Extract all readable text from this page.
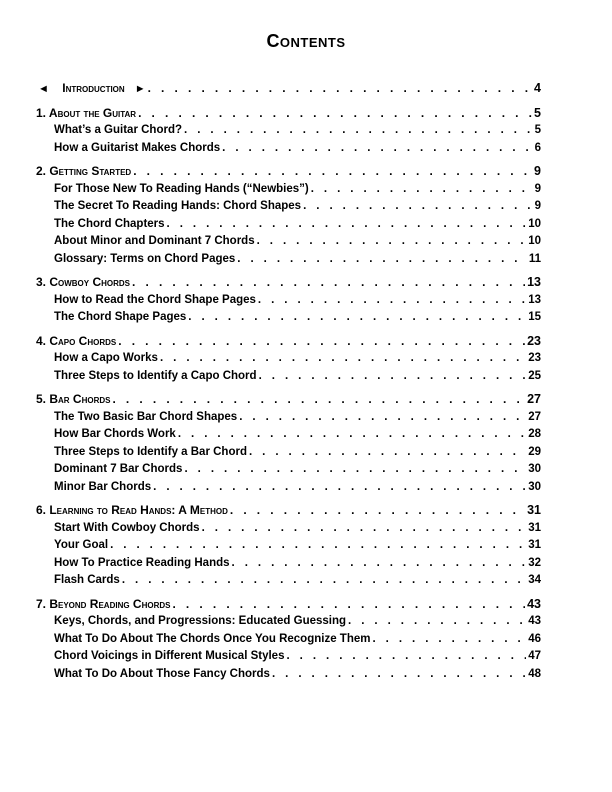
Contents
◄ Introduction ► . . .	4
1. About the Guitar . . .	5
What’s a Guitar Chord? . . .	5
How a Guitarist Makes Chords . . .	6
2. Getting Started . . .	9
For Those New To Reading Hands (“Newbies”) . . .	9
The Secret To Reading Hands: Chord Shapes . . .	9
The Chord Chapters . . .	10
About Minor and Dominant 7 Chords . . .	10
Glossary: Terms on Chord Pages . . .	11
3. Cowboy Chords . . .	13
How to Read the Chord Shape Pages . . .	13
The Chord Shape Pages . . .	15
4. Capo Chords . . .	23
How a Capo Works . . .	23
Three Steps to Identify a Capo Chord . . .	25
5. Bar Chords . . .	27
The Two Basic Bar Chord Shapes . . .	27
How Bar Chords Work . . .	28
Three Steps to Identify a Bar Chord . . .	29
Dominant 7 Bar Chords . . .	30
Minor Bar Chords . . .	30
6. Learning to Read Hands: A Method . . .	31
Start With Cowboy Chords . . .	31
Your Goal . . .	31
How To Practice Reading Hands . . .	32
Flash Cards . . .	34
7. Beyond Reading Chords . . .	43
Keys, Chords, and Progressions: Educated Guessing . . .	43
What To Do About The Chords Once You Recognize Them . . .	46
Chord Voicings in Different Musical Styles . . .	47
What To Do About Those Fancy Chords . . .	48
